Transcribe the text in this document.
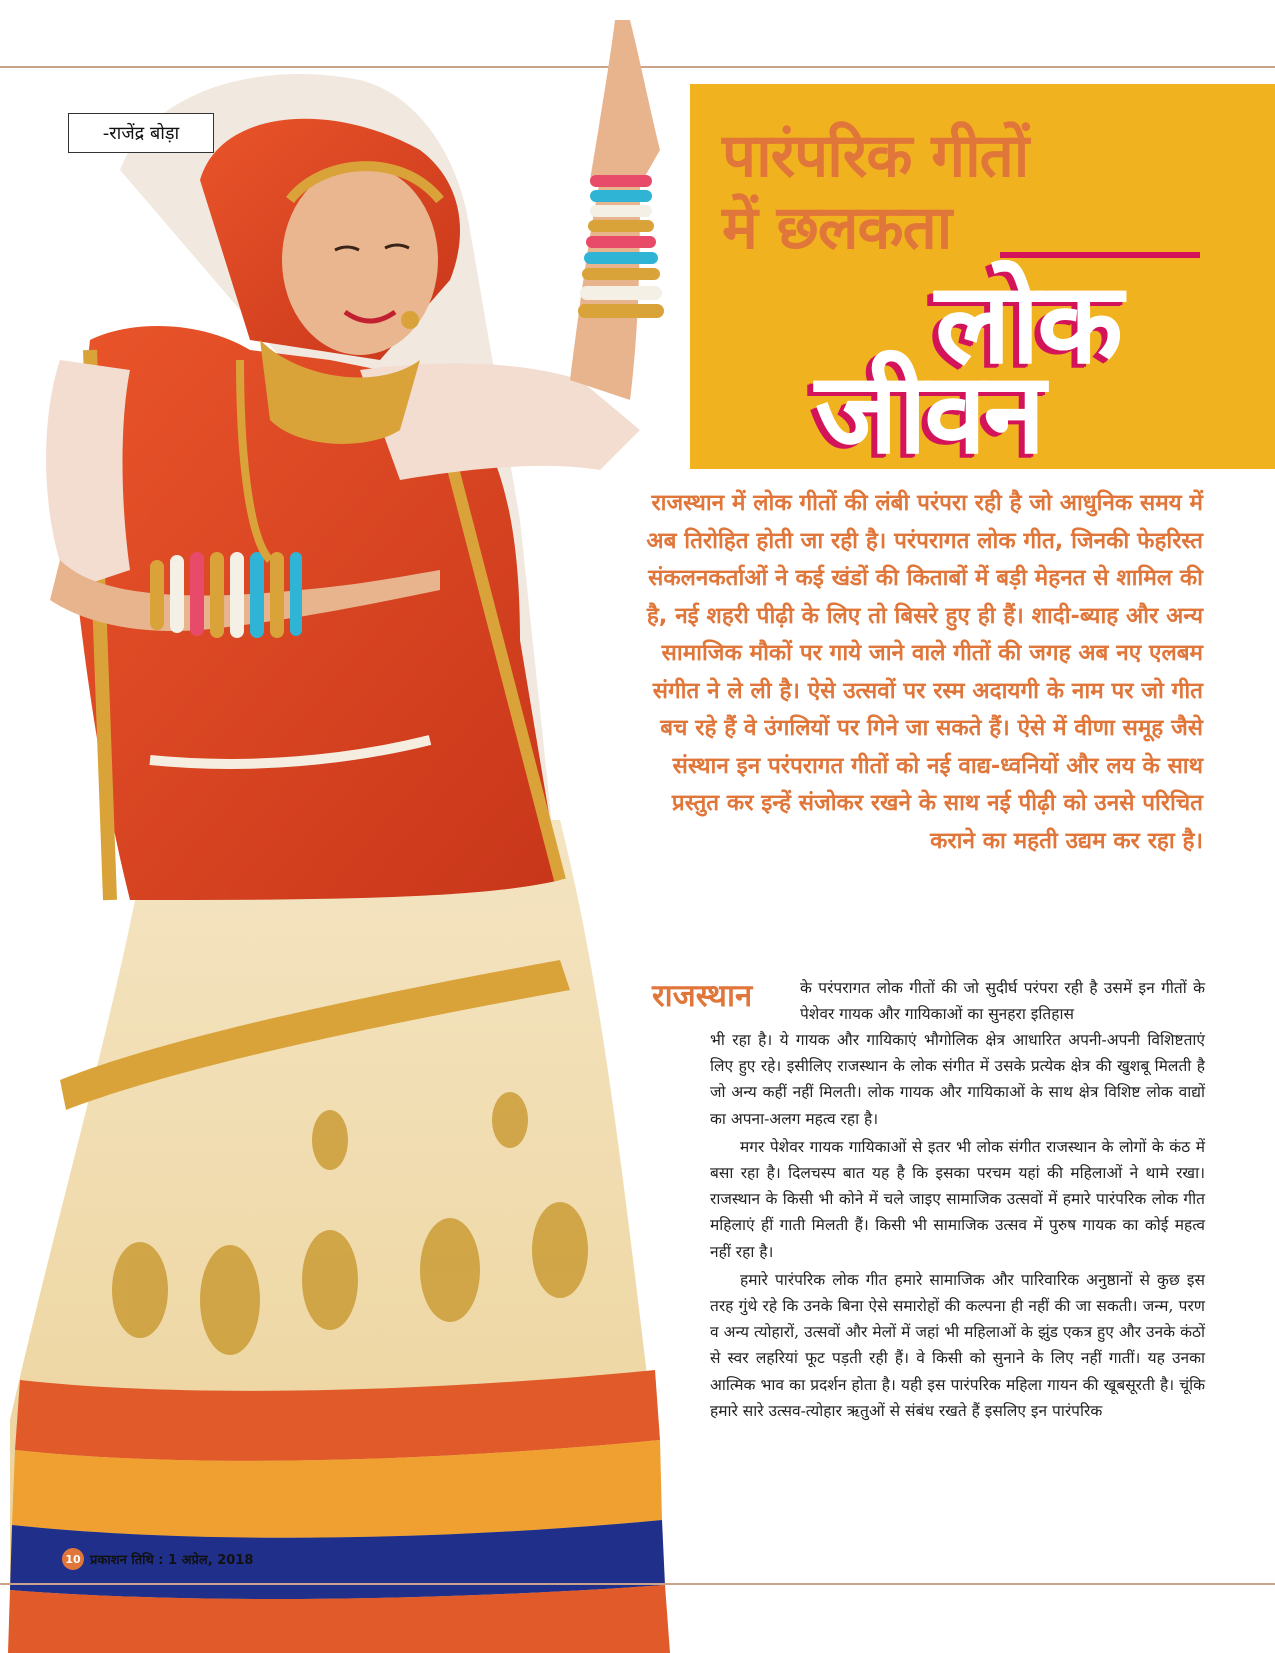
-राजेंद्र बोड़ा	पारंपरिक गीतों
में छलकता
लोक
जीवन

राजस्थान में लोक गीतों की लंबी परंपरा रही है जो आधुनिक समय में अब तिरोहित होती जा रही है। परंपरागत लोक गीत, जिनकी फेहरिस्त संकलनकर्ताओं ने कई खंडों की किताबों में बड़ी मेहनत से शामिल की है, नई शहरी पीढ़ी के लिए तो बिसरे हुए ही हैं। शादी-ब्याह और अन्य सामाजिक मौकों पर गाये जाने वाले गीतों की जगह अब नए एलबम संगीत ने ले ली है। ऐसे उत्सवों पर रस्म अदायगी के नाम पर जो गीत बच रहे हैं वे उंगलियों पर गिने जा सकते हैं। ऐसे में वीणा समूह जैसे संस्थान इन परंपरागत गीतों को नई वाद्य-ध्वनियों और लय के साथ प्रस्तुत कर इन्हें संजोकर रखने के साथ नई पीढ़ी को उनसे परिचित कराने का महती उद्यम कर रहा है।

राजस्थान	के परंपरागत लोक गीतों की जो सुदीर्घ परंपरा रही है उसमें इन गीतों के पेशेवर गायक और गायिकाओं का सुनहरा इतिहास

भी रहा है। ये गायक और गायिकाएं भौगोलिक क्षेत्र आधारित अपनी-अपनी विशिष्टताएं लिए हुए रहे। इसीलिए राजस्थान के लोक संगीत में उसके प्रत्येक क्षेत्र की खुशबू मिलती है जो अन्य कहीं नहीं मिलती। लोक गायक और गायिकाओं के साथ क्षेत्र विशिष्ट लोक वाद्यों का अपना-अलग महत्व रहा है।

मगर पेशेवर गायक गायिकाओं से इतर भी लोक संगीत राजस्थान के लोगों के कंठ में बसा रहा है। दिलचस्प बात यह है कि इसका परचम यहां की महिलाओं ने थामे रखा। राजस्थान के किसी भी कोने में चले जाइए सामाजिक उत्सवों में हमारे पारंपरिक लोक गीत महिलाएं हीं गाती मिलती हैं। किसी भी सामाजिक उत्सव में पुरुष गायक का कोई महत्व नहीं रहा है।

हमारे पारंपरिक लोक गीत हमारे सामाजिक और पारिवारिक अनुष्ठानों से कुछ इस तरह गुंथे रहे कि उनके बिना ऐसे समारोहों की कल्पना ही नहीं की जा सकती। जन्म, परण व अन्य त्योहारों, उत्सवों और मेलों में जहां भी महिलाओं के झुंड एकत्र हुए और उनके कंठों से स्वर लहरियां फूट पड़ती रही हैं। वे किसी को सुनाने के लिए नहीं गातीं। यह उनका आत्मिक भाव का प्रदर्शन होता है। यही इस पारंपरिक महिला गायन की खूबसूरती है। चूंकि हमारे सारे उत्सव-त्योहार ऋतुओं से संबंध रखते हैं इसलिए इन पारंपरिक

10 प्रकाशन तिथि : 1 अप्रेल, 2018
